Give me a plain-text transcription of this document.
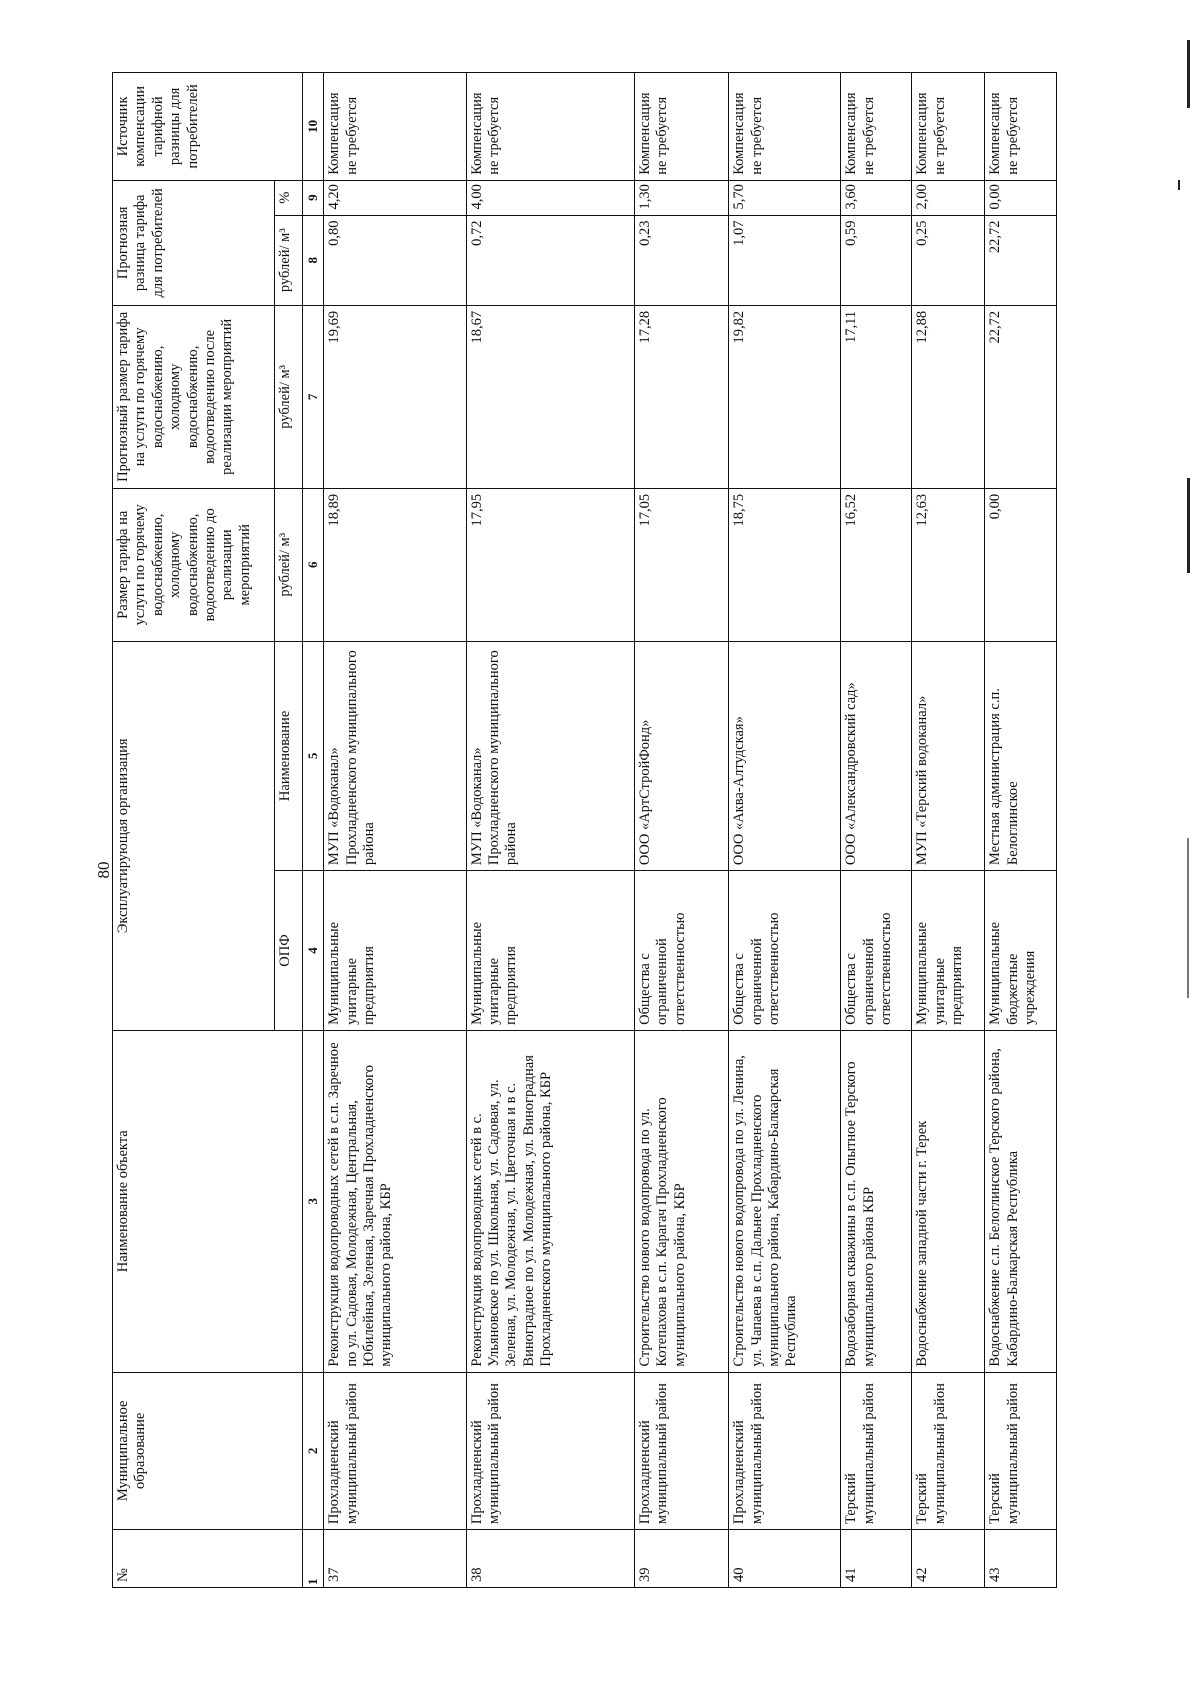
80
№	Муниципальное образование	Наименование объекта	Эксплуатирующая организация		Размер тарифа на услуги по горячему водоснабжению, холодному водоснабжению, водоотведению до реализации мероприятий	Прогнозный размер тарифа на услуги по горячему водоснабжению, холодному водоснабжению, водоотведению после реализации мероприятий	Прогнозная разница тарифа для потребителей		Источник компенсации тарифной разницы для потребителей
			ОПФ	Наименование	рублей/ м³	рублей/ м³	рублей/ м³	%	
1	2	3	4	5	6	7	8	9	10
37	Прохладненский муниципальный район	Реконструкция водопроводных сетей в с.п. Заречное по ул. Садовая, Молодежная, Центральная, Юбилейная, Зеленая, Заречная Прохладненского муниципального района, КБР	Муниципальные унитарные предприятия	МУП «Водоканал» Прохладненского муниципального района	18,89	19,69	0,80	4,20	Компенсация не требуется
38	Прохладненский муниципальный район	Реконструкция водопроводных сетей в с. Ульяновское по ул. Школьная, ул. Садовая, ул. Зеленая, ул. Молодежная, ул. Цветочная и в с. Виноградное по ул. Молодежная, ул. Виноградная Прохладненского муниципального района, КБР	Муниципальные унитарные предприятия	МУП «Водоканал» Прохладненского муниципального района	17,95	18,67	0,72	4,00	Компенсация не требуется
39	Прохладненский муниципальный район	Строительство нового водопровода по ул. Котепахова в с.п. Карагач Прохладненского муниципального района, КБР	Общества с ограниченной ответственностью	ООО «АртСтройФонд»	17,05	17,28	0,23	1,30	Компенсация не требуется
40	Прохладненский муниципальный район	Строительство нового водопровода по ул. Ленина, ул. Чапаева в с.п. Дальнее Прохладненского муниципального района, Кабардино-Балкарская Республика	Общества с ограниченной ответственностью	ООО «Аква-Алтудская»	18,75	19,82	1,07	5,70	Компенсация не требуется
41	Терский муниципальный район	Водозаборная скважины в с.п. Опытное Терского муниципального района КБР	Общества с ограниченной ответственностью	ООО «Александровский сад»	16,52	17,11	0,59	3,60	Компенсация не требуется
42	Терский муниципальный район	Водоснабжение западной части г. Терек	Муниципальные унитарные предприятия	МУП «Терский водоканал»	12,63	12,88	0,25	2,00	Компенсация не требуется
43	Терский муниципальный район	Водоснабжение с.п. Белоглинское Терского района, Кабардино-Балкарская Республика	Муниципальные бюджетные учреждения	Местная администрация с.п. Белоглинское	0,00	22,72	22,72	0,00	Компенсация не требуется
